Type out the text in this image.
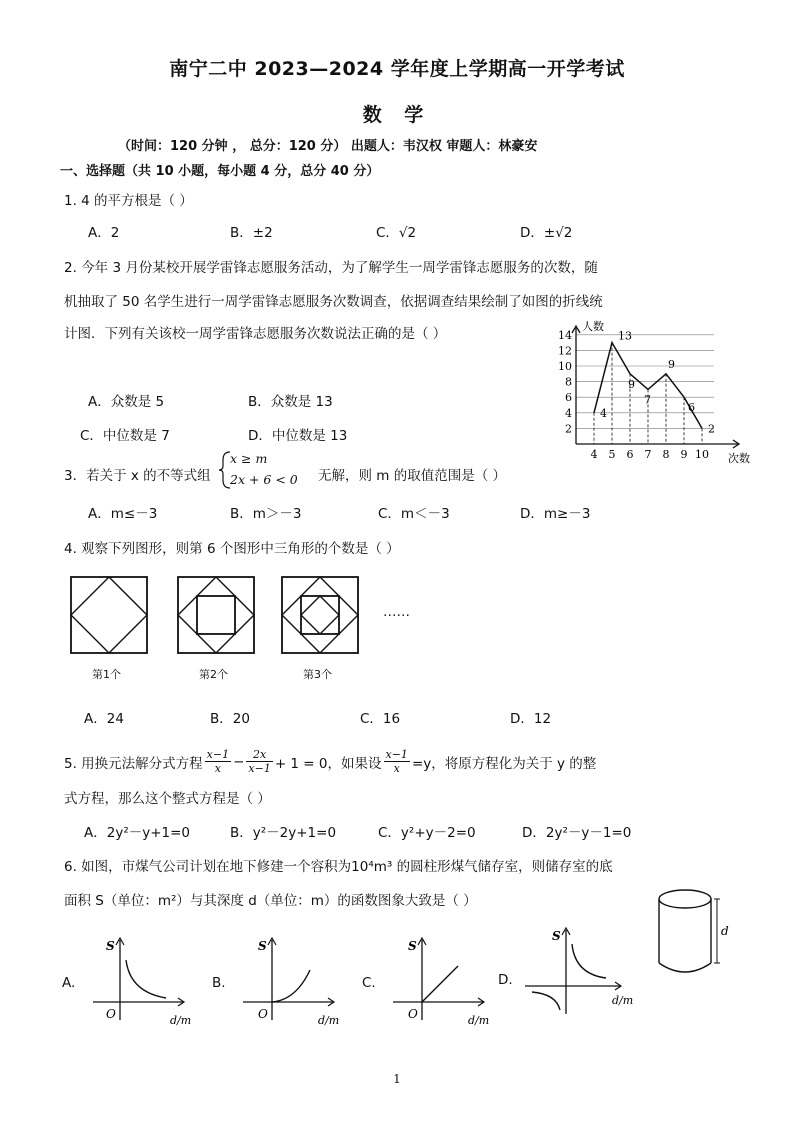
南宁二中 2023—2024 学年度上学期高一开学考试
数 学
（时间：120 分钟 ， 总分：120 分） 出题人：韦汉权 审题人：林豪安
一、选择题（共 10 小题，每小题 4 分，总分 40 分）
1. 4 的平方根是（ ）
A．2	B．±2	C．√2	D．±√2
2. 今年 3 月份某校开展学雷锋志愿服务活动，为了解学生一周学雷锋志愿服务的次数，随
机抽取了 50 名学生进行一周学雷锋志愿服务次数调查，依据调查结果绘制了如图的折线统
计图．下列有关该校一周学雷锋志愿服务次数说法正确的是（ ）
A．众数是 5	B．众数是 13
C．中位数是 7	D．中位数是 13
人数
次数
2
4
6
8
10
12
14
4 5 6 7 8 9 10
4
13
9
7
9
6
2
3．若关于 x 的不等式组
x ≥ m
2x + 6 < 0 无解，则 m 的取值范围是（ ）
A．m≤－3	B．m＞－3	C．m＜－3	D．m≥－3
4. 观察下列图形，则第 6 个图形中三角形的个数是（ ）
……
第1个	第2个	第3个
A．24	B．20	C．16	D．12
5. 用换元法解分式方程 $\frac{x-1}{x} - \frac{2x}{x-1} + 1 = 0$，如果设 $\frac{x-1}{x} =y$，将原方程化为关于 y 的整
式方程，那么这个整式方程是（ ）
A．2y²－y+1=0	B．y²－2y+1=0	C．y²+y－2=0	D．2y²－y－1=0
6. 如图，市煤气公司计划在地下修建一个容积为10⁴m³ 的圆柱形煤气储存室，则储存室的底
面积 S（单位：m²）与其深度 d（单位：m）的函数图象大致是（ ）
d
A.
S
O	d/m
B.
S
O	d/m
C.
S
O	d/m
D.
S
d/m
1
